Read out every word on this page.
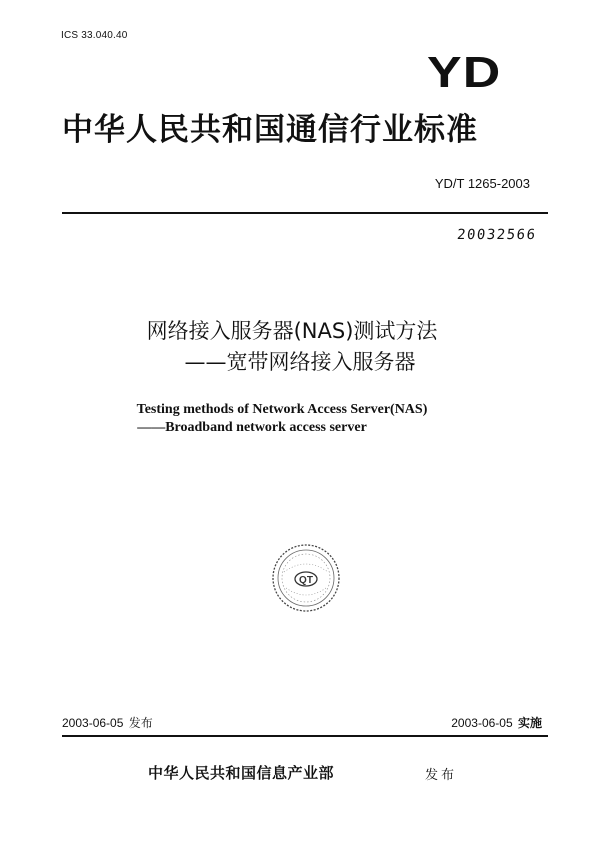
ICS 33.040.40
YD
中华人民共和国通信行业标准
YD/T 1265-2003
20032566
网络接入服务器(NAS)测试方法
——宽带网络接入服务器
Testing methods of Network Access Server(NAS)
——Broadband network access server
QT
2003-06-05 发布	2003-06-05 实施
中华人民共和国信息产业部	发布
